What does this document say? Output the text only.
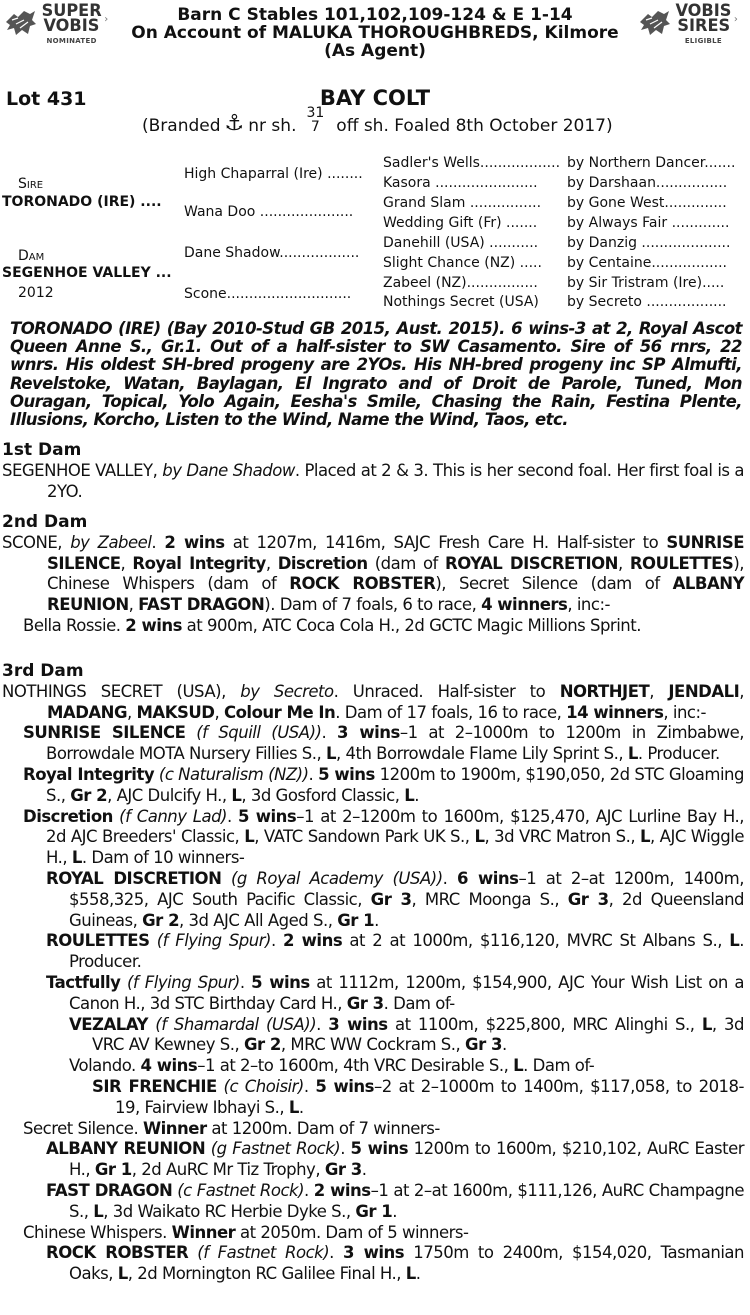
SUPER
VOBIS
NOMINATED
›	VOBIS
SIRES
ELIGIBLE
›
Barn C Stables 101,102,109-124 & E 1-14
On Account of MALUKA THOROUGHBREDS, Kilmore
(As Agent)
Lot 431	BAY COLT
(Branded ⚓ nr sh.
31
7 off sh. Foaled 8th October 2017)
Sire
TORONADO (IRE) ....
Dam
SEGENHOE VALLEY ...
2012
High Chaparral (Ire) ........
Wana Doo .....................
Dane Shadow..................
Scone............................
Sadler's Wells.................. by Northern Dancer.......
Kasora ....................... by Darshaan................
Grand Slam ................ by Gone West..............
Wedding Gift (Fr) ....... by Always Fair .............
Danehill (USA) ........... by Danzig ....................
Slight Chance (NZ) ..... by Centaine.................
Zabeel (NZ)................ by Sir Tristram (Ire).....
Nothings Secret (USA) by Secreto ..................
TORONADO (IRE) (Bay 2010-Stud GB 2015, Aust. 2015). 6 wins-3 at 2, Royal Ascot Queen Anne S., Gr.1. Out of a half-sister to SW Casamento. Sire of 56 rnrs, 22 wnrs. His oldest SH-bred progeny are 2YOs. His NH-bred progeny inc SP Almufti, Revelstoke, Watan, Baylagan, El Ingrato and of Droit de Parole, Tuned, Mon Ouragan, Topical, Yolo Again, Eesha's Smile, Chasing the Rain, Festina Plente, Illusions, Korcho, Listen to the Wind, Name the Wind, Taos, etc.
1st Dam
SEGENHOE VALLEY, by Dane Shadow. Placed at 2 & 3. This is her second foal. Her first foal is a 2YO.
2nd Dam
SCONE, by Zabeel. 2 wins at 1207m, 1416m, SAJC Fresh Care H. Half-sister to SUNRISE SILENCE, Royal Integrity, Discretion (dam of ROYAL DISCRETION, ROULETTES), Chinese Whispers (dam of ROCK ROBSTER), Secret Silence (dam of ALBANY REUNION, FAST DRAGON). Dam of 7 foals, 6 to race, 4 winners, inc:-
Bella Rossie. 2 wins at 900m, ATC Coca Cola H., 2d GCTC Magic Millions Sprint.
3rd Dam
NOTHINGS SECRET (USA), by Secreto. Unraced. Half-sister to NORTHJET, JENDALI, MADANG, MAKSUD, Colour Me In. Dam of 17 foals, 16 to race, 14 winners, inc:-
SUNRISE SILENCE (f Squill (USA)). 3 wins–1 at 2–1000m to 1200m in Zimbabwe, Borrowdale MOTA Nursery Fillies S., L, 4th Borrowdale Flame Lily Sprint S., L. Producer.
Royal Integrity (c Naturalism (NZ)). 5 wins 1200m to 1900m, $190,050, 2d STC Gloaming S., Gr 2, AJC Dulcify H., L, 3d Gosford Classic, L.
Discretion (f Canny Lad). 5 wins–1 at 2–1200m to 1600m, $125,470, AJC Lurline Bay H., 2d AJC Breeders' Classic, L, VATC Sandown Park UK S., L, 3d VRC Matron S., L, AJC Wiggle H., L. Dam of 10 winners-
ROYAL DISCRETION (g Royal Academy (USA)). 6 wins–1 at 2–at 1200m, 1400m, $558,325, AJC South Pacific Classic, Gr 3, MRC Moonga S., Gr 3, 2d Queensland Guineas, Gr 2, 3d AJC All Aged S., Gr 1.
ROULETTES (f Flying Spur). 2 wins at 2 at 1000m, $116,120, MVRC St Albans S., L. Producer.
Tactfully (f Flying Spur). 5 wins at 1112m, 1200m, $154,900, AJC Your Wish List on a Canon H., 3d STC Birthday Card H., Gr 3. Dam of-
VEZALAY (f Shamardal (USA)). 3 wins at 1100m, $225,800, MRC Alinghi S., L, 3d VRC AV Kewney S., Gr 2, MRC WW Cockram S., Gr 3.
Volando. 4 wins–1 at 2–to 1600m, 4th VRC Desirable S., L. Dam of-
SIR FRENCHIE (c Choisir). 5 wins–2 at 2–1000m to 1400m, $117,058, to 2018-19, Fairview Ibhayi S., L.
Secret Silence. Winner at 1200m. Dam of 7 winners-
ALBANY REUNION (g Fastnet Rock). 5 wins 1200m to 1600m, $210,102, AuRC Easter H., Gr 1, 2d AuRC Mr Tiz Trophy, Gr 3.
FAST DRAGON (c Fastnet Rock). 2 wins–1 at 2–at 1600m, $111,126, AuRC Champagne S., L, 3d Waikato RC Herbie Dyke S., Gr 1.
Chinese Whispers. Winner at 2050m. Dam of 5 winners-
ROCK ROBSTER (f Fastnet Rock). 3 wins 1750m to 2400m, $154,020, Tasmanian Oaks, L, 2d Mornington RC Galilee Final H., L.
